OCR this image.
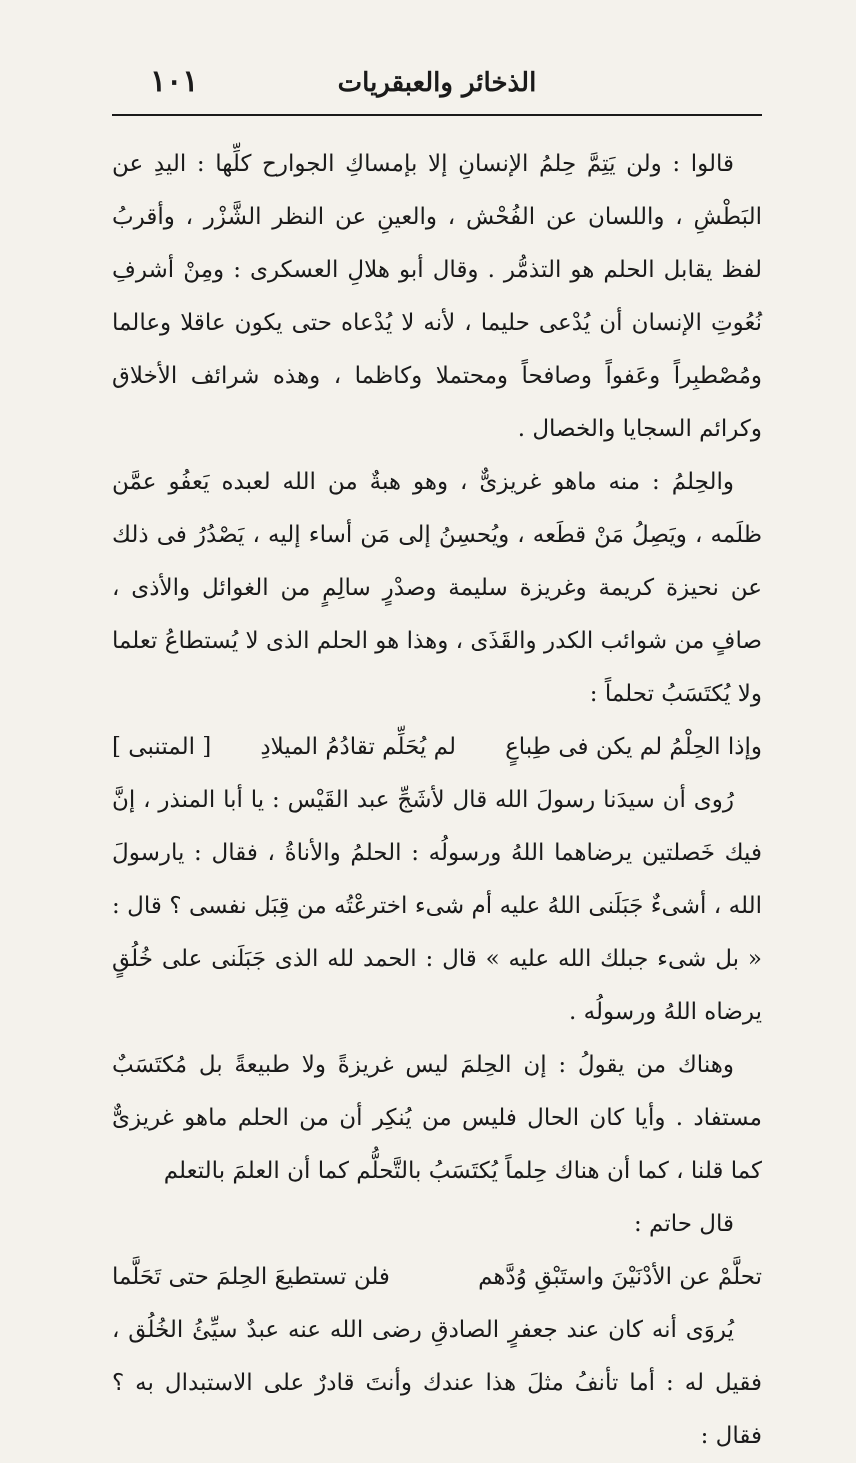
١٠١	الذخائر والعبقريات

قالوا : ولن يَتِمَّ حِلمُ الإنسانِ إلا بإمساكِ الجوارح كلِّها : اليدِ عن البَطْشِ ، واللسان عن الفُحْش ، والعينِ عن النظر الشَّزْر ، وأقربُ لفظ يقابل الحلم هو التذمُّر . وقال أبو هلالِ العسكرى : ومِنْ أشرفِ نُعُوتِ الإنسان أن يُدْعى حليما ، لأنه لا يُدْعاه حتى يكون عاقلا وعالما ومُصْطبِراً وعَفواً وصافحاً ومحتملا وكاظما ، وهذه شرائف الأخلاق وكرائم السجايا والخصال .

والحِلمُ : منه ماهو غريزىٌّ ، وهو هبةٌ من الله لعبده يَعفُو عمَّن ظلَمه ، ويَصِلُ مَنْ قطَعه ، ويُحسِنُ إلى مَن أساء إليه ، يَصْدُرُ فى ذلك عن نحيزة كريمة وغريزة سليمة وصدْرٍ سالِمٍ من الغوائل والأذى ، صافٍ من شوائب الكدر والقَذَى ، وهذا هو الحلم الذى لا يُستطاعُ تعلما ولا يُكتَسَبُ تحلماً :

وإذا الحِلْمُ لم يكن فى طِباعٍ
لم يُحَلِّم تقادُمُ الميلادِ
[ المتنبى ]

رُوى أن سيدَنا رسولَ الله قال لأشَجِّ عبد القَيْس : يا أبا المنذر ، إنَّ فيك خَصلتين يرضاهما اللهُ ورسولُه : الحلمُ والأناةُ ، فقال : يارسولَ الله ، أشىءٌ جَبَلَنى اللهُ عليه أم شىء اخترعْتُه من قِبَل نفسى ؟ قال : « بل شىء جبلك الله عليه » قال : الحمد لله الذى جَبَلَنى على خُلُقٍ يرضاه اللهُ ورسولُه .

وهناك من يقولُ : إن الحِلمَ ليس غريزةً ولا طبيعةً بل مُكتَسَبٌ مستفاد . وأيا كان الحال فليس من يُنكِر أن من الحلم ماهو غريزىٌّ كما قلنا ، كما أن هناك حِلماً يُكتَسَبُ بالتَّحلُّم كما أن العلمَ بالتعلم

قال حاتم :

تحلَّمْ عن الأدْنَيْنَ واستَبْقِ وُدَّهم
فلن تستطيعَ الحِلمَ حتى تَحَلَّما

يُروَى أنه كان عند جعفرٍ الصادقِ رضى الله عنه عبدٌ سيِّئُ الخُلُق ، فقيل له : أما تأنفُ مثلَ هذا عندك وأنتَ قادرٌ على الاستبدال به ؟ فقال :
